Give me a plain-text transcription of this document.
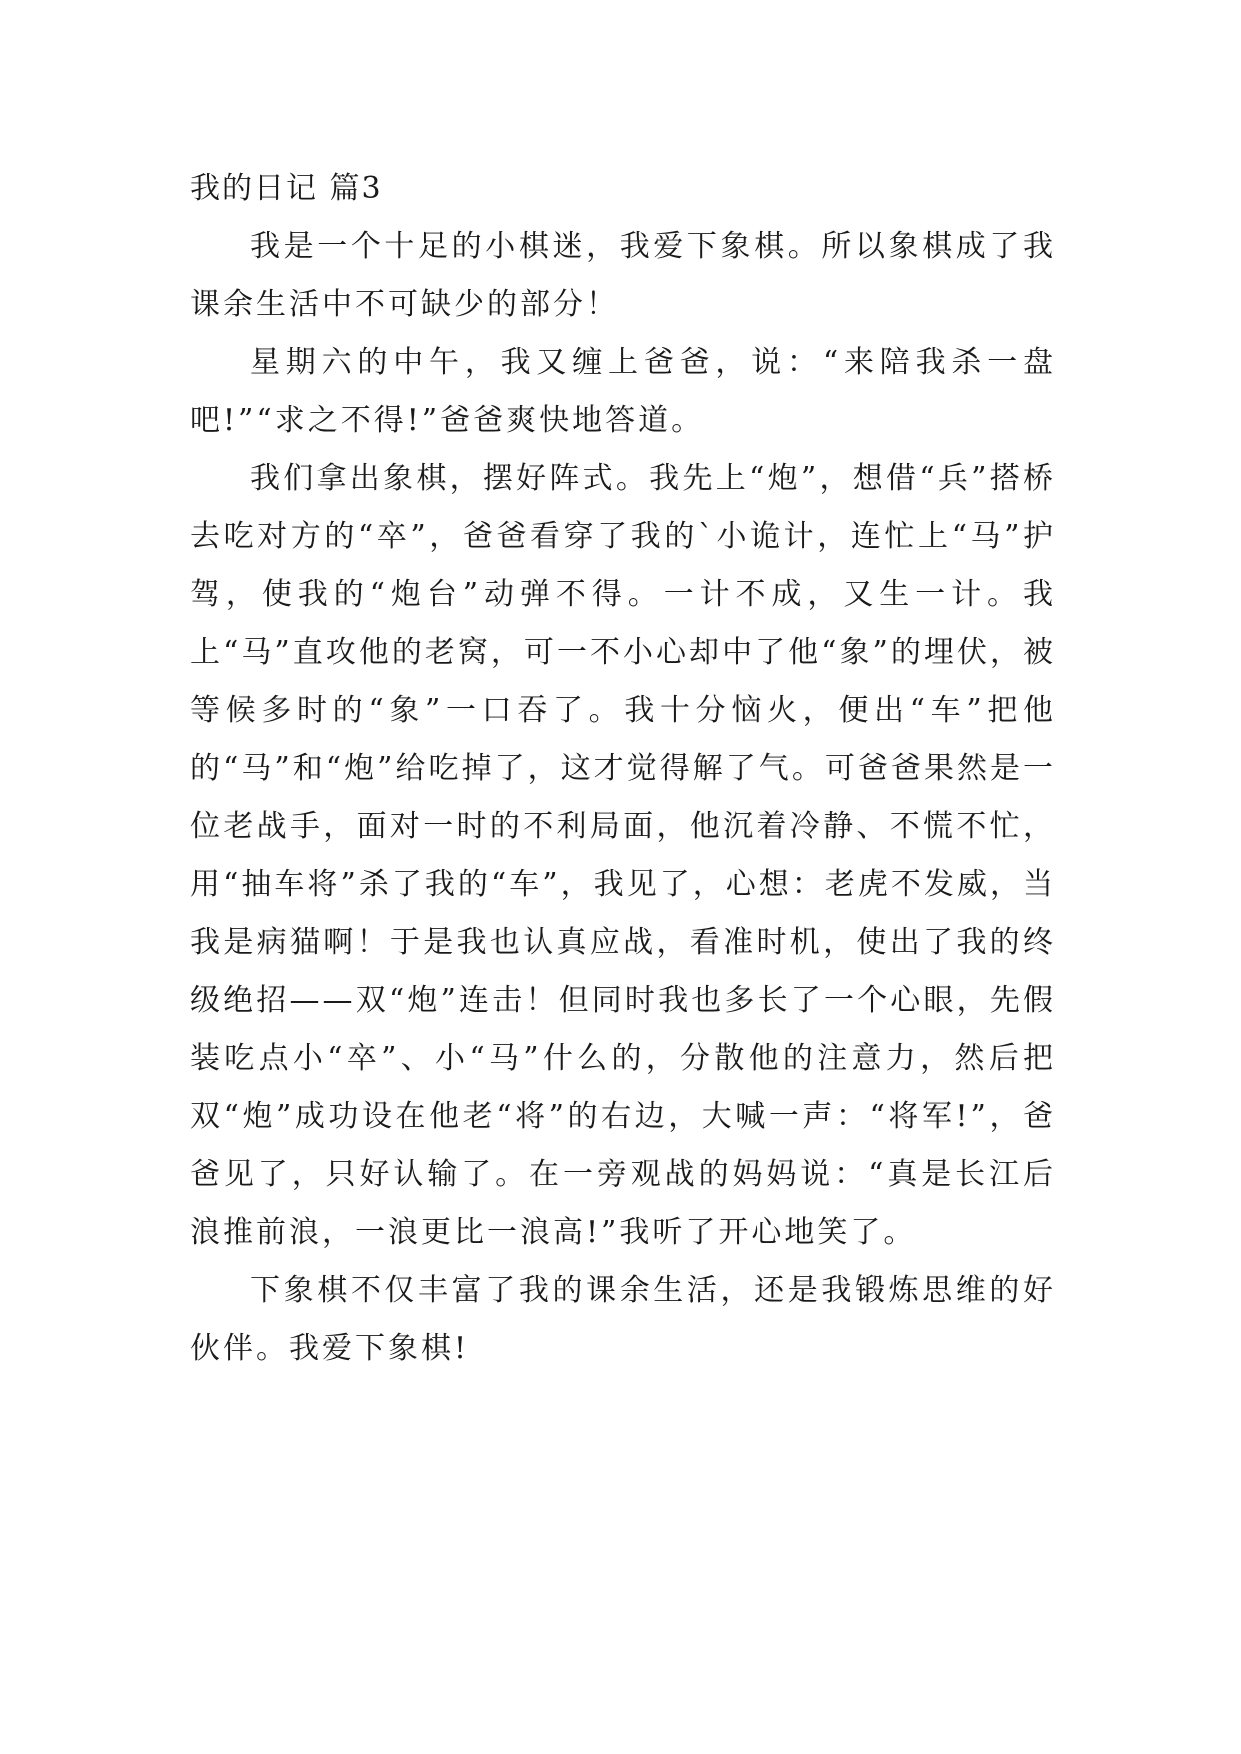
我的日记 篇3

我是一个十足的小棋迷，我爱下象棋。所以象棋成了我课余生活中不可缺少的部分！

星期六的中午，我又缠上爸爸，说：“来陪我杀一盘吧!”“求之不得!”爸爸爽快地答道。

我们拿出象棋，摆好阵式。我先上“炮”，想借“兵”搭桥去吃对方的“卒”，爸爸看穿了我的`小诡计，连忙上“马”护驾，使我的“炮台”动弹不得。一计不成，又生一计。我上“马”直攻他的老窝，可一不小心却中了他“象”的埋伏，被等候多时的“象”一口吞了。我十分恼火，便出“车”把他的“马”和“炮”给吃掉了，这才觉得解了气。可爸爸果然是一位老战手，面对一时的不利局面，他沉着冷静、不慌不忙，用“抽车将”杀了我的“车”，我见了，心想：老虎不发威，当我是病猫啊！于是我也认真应战，看准时机，使出了我的终级绝招——双“炮”连击！但同时我也多长了一个心眼，先假装吃点小“卒”、小“马”什么的，分散他的注意力，然后把双“炮”成功设在他老“将”的右边，大喊一声：“将军!”，爸爸见了，只好认输了。在一旁观战的妈妈说：“真是长江后浪推前浪，一浪更比一浪高!”我听了开心地笑了。

下象棋不仅丰富了我的课余生活，还是我锻炼思维的好伙伴。我爱下象棋!
